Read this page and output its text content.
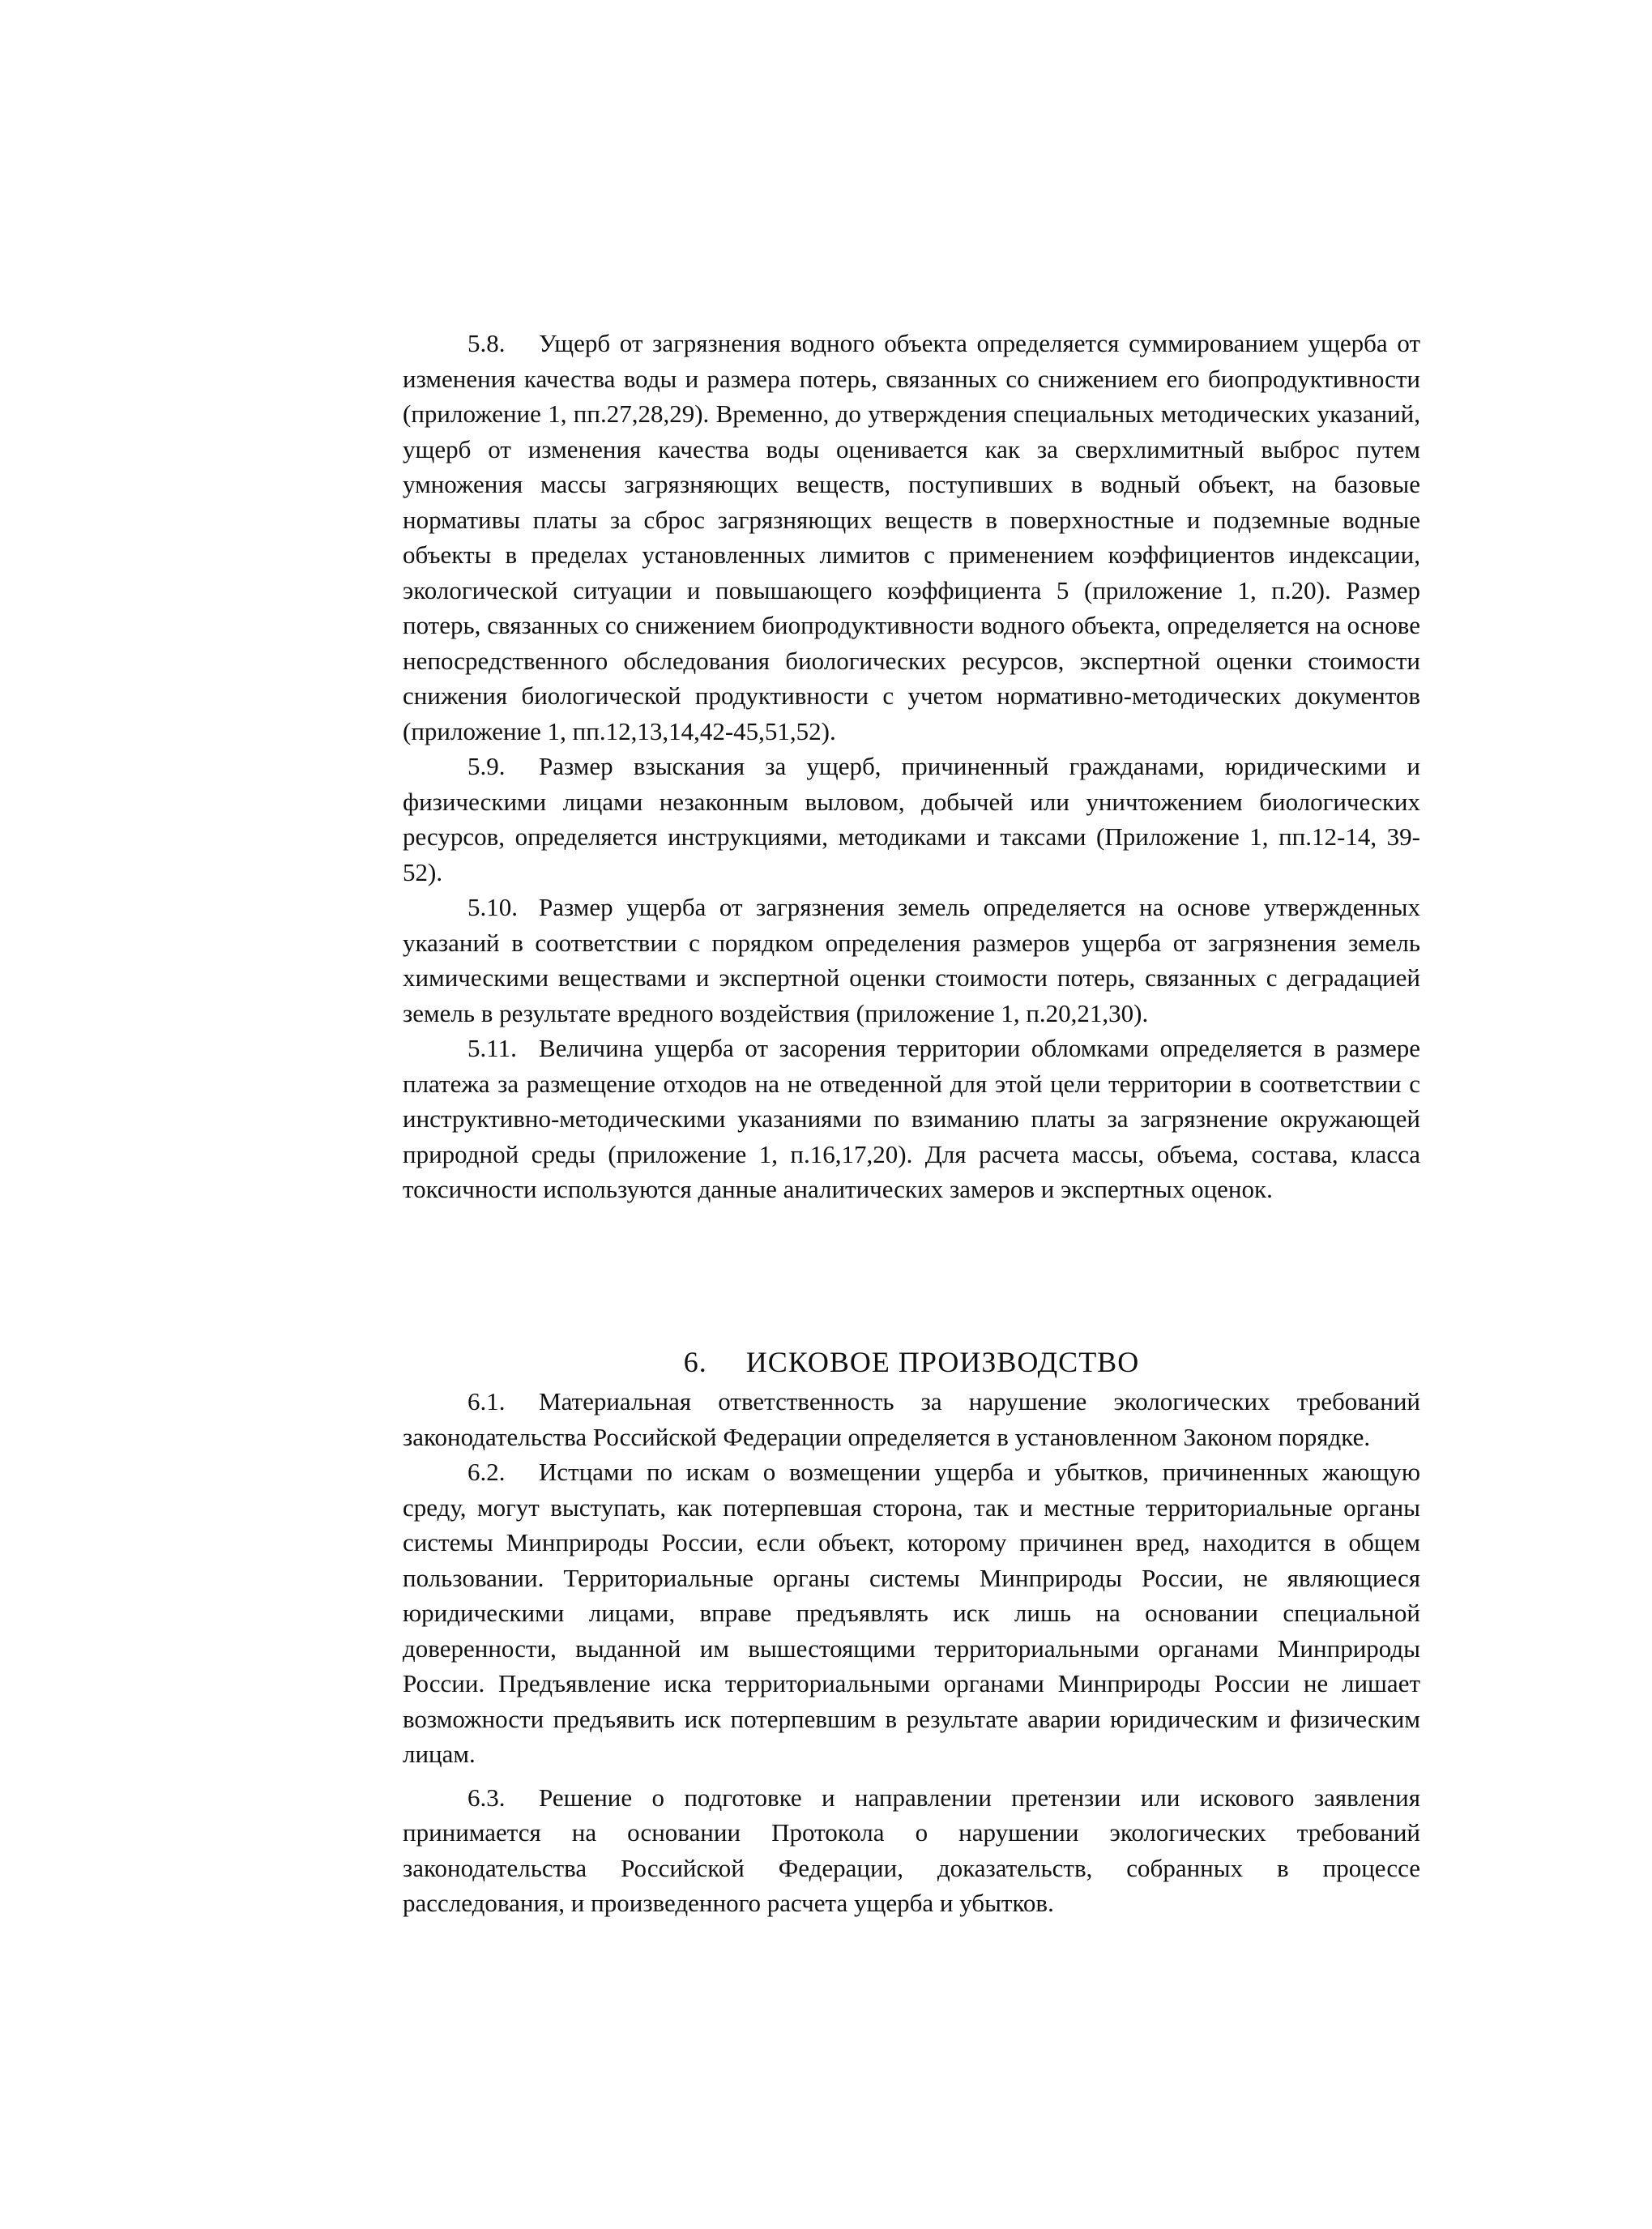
5.8. Ущерб от загрязнения водного объекта определяется суммированием ущерба от изменения качества воды и размера потерь, связанных со снижением его биопродуктивности (приложение 1, пп.27,28,29). Временно, до утверждения специальных методических указаний, ущерб от изменения качества воды оценивается как за сверхлимитный выброс путем умножения массы загрязняющих веществ, поступивших в водный объект, на базовые нормативы платы за сброс загрязняющих веществ в поверхностные и подземные водные объекты в пределах установленных лимитов с применением коэффициентов индексации, экологической ситуации и повышающего коэффициента 5 (приложение 1, п.20). Размер потерь, связанных со снижением биопродуктивности водного объекта, определяется на основе непосредственного обследования биологических ресурсов, экспертной оценки стоимости снижения биологической продуктивности с учетом нормативно-методических документов (приложение 1, пп.12,13,14,42-45,51,52).

5.9. Размер взыскания за ущерб, причиненный гражданами, юридическими и физическими лицами незаконным выловом, добычей или уничтожением биологических ресурсов, определяется инструкциями, методиками и таксами (Приложение 1, пп.12-14, 39-52).

5.10. Размер ущерба от загрязнения земель определяется на основе утвержденных указаний в соответствии с порядком определения размеров ущерба от загрязнения земель химическими веществами и экспертной оценки стоимости потерь, связанных с деградацией земель в результате вредного воздействия (приложение 1, п.20,21,30).

5.11. Величина ущерба от засорения территории обломками определяется в размере платежа за размещение отходов на не отведенной для этой цели территории в соответствии с инструктивно-методическими указаниями по взиманию платы за загрязнение окружающей природной среды (приложение 1, п.16,17,20). Для расчета массы, объема, состава, класса токсичности используются данные аналитических замеров и экспертных оценок.

6. ИСКОВОЕ ПРОИЗВОДСТВО

6.1. Материальная ответственность за нарушение экологических требований законодательства Российской Федерации определяется в установленном Законом порядке.

6.2. Истцами по искам о возмещении ущерба и убытков, причиненных жающую среду, могут выступать, как потерпевшая сторона, так и местные территориальные органы системы Минприроды России, если объект, которому причинен вред, находится в общем пользовании. Территориальные органы системы Минприроды России, не являющиеся юридическими лицами, вправе предъявлять иск лишь на основании специальной доверенности, выданной им вышестоящими территориальными органами Минприроды России. Предъявление иска территориальными органами Минприроды России не лишает возможности предъявить иск потерпевшим в результате аварии юридическим и физическим лицам.

6.3. Решение о подготовке и направлении претензии или искового заявления принимается на основании Протокола о нарушении экологических требований законодательства Российской Федерации, доказательств, собранных в процессе расследования, и произведенного расчета ущерба и убытков.
